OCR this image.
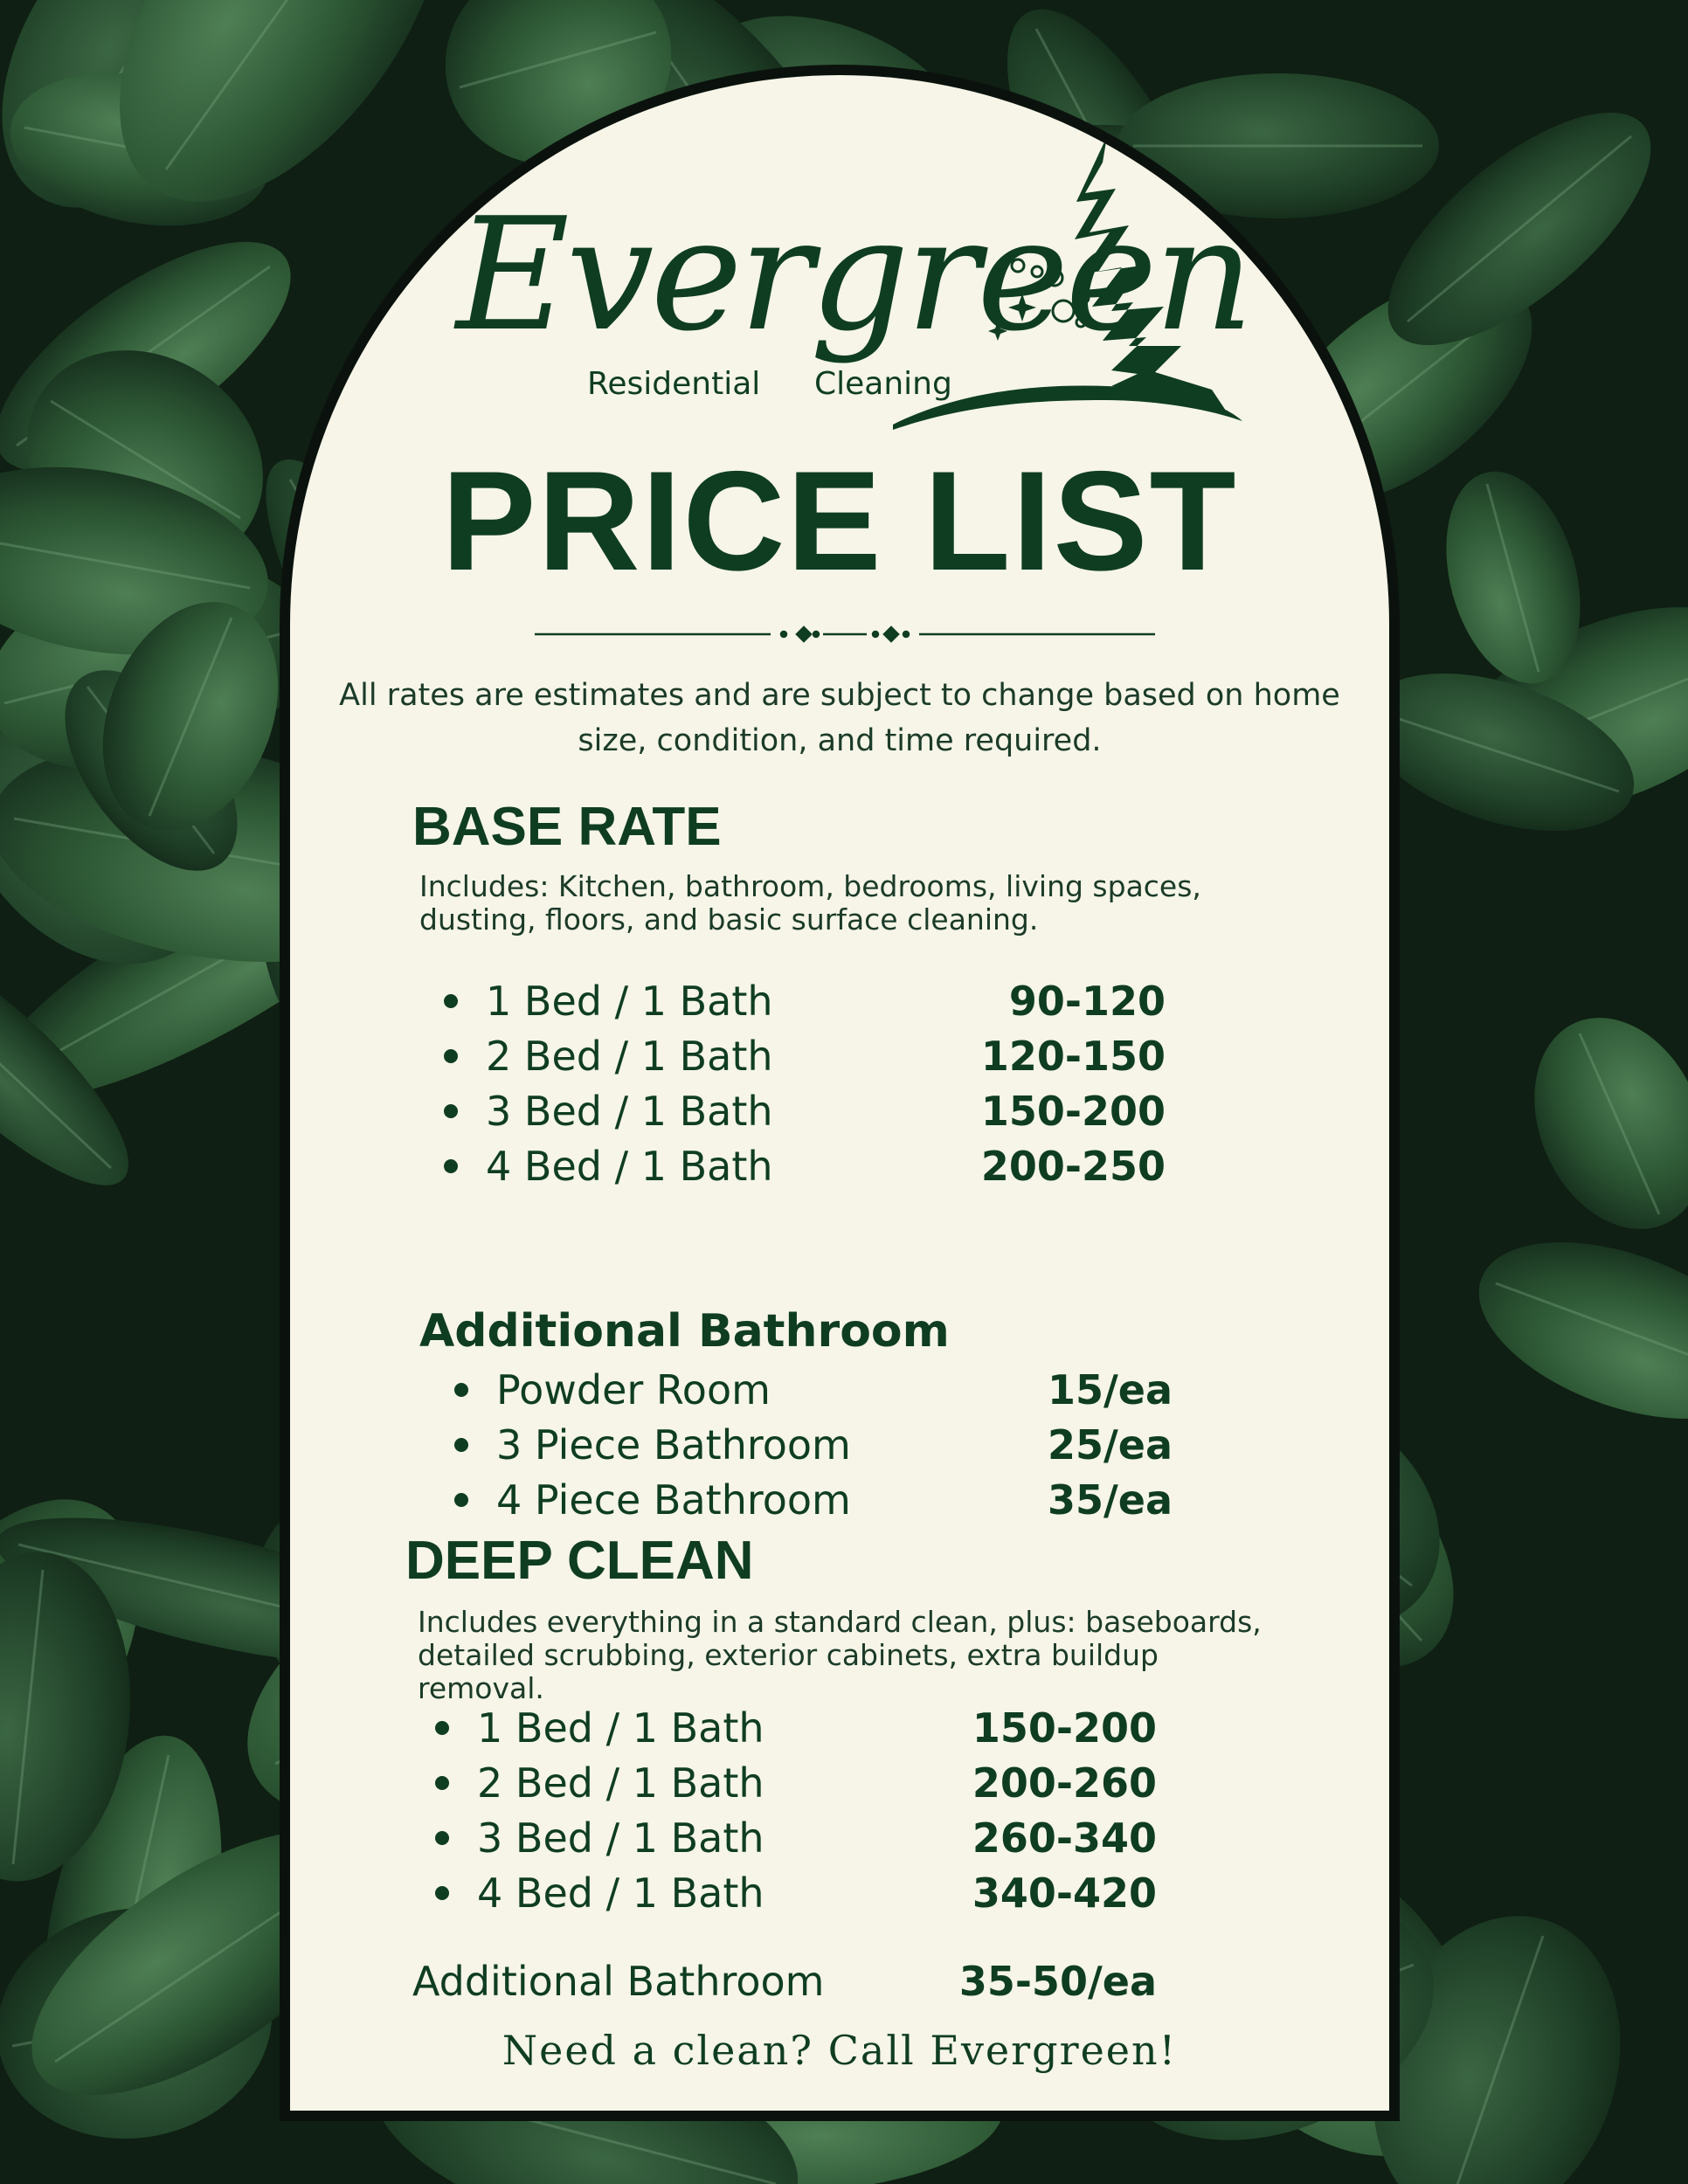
Evergreen
Residential Cleaning
PRICE LIST
All rates are estimates and are subject to change based on home size, condition, and time required.
BASE RATE
Includes: Kitchen, bathroom, bedrooms, living spaces, dusting, floors, and basic surface cleaning.
1 Bed / 1 Bath	90-120
2 Bed / 1 Bath	120-150
3 Bed / 1 Bath	150-200
4 Bed / 1 Bath	200-250
Additional Bathroom
Powder Room	15/ea
3 Piece Bathroom	25/ea
4 Piece Bathroom	35/ea
DEEP CLEAN
Includes everything in a standard clean, plus: baseboards, detailed scrubbing, exterior cabinets, extra buildup removal.
1 Bed / 1 Bath	150-200
2 Bed / 1 Bath	200-260
3 Bed / 1 Bath	260-340
4 Bed / 1 Bath	340-420
Additional Bathroom	35-50/ea
Need a clean? Call Evergreen!
